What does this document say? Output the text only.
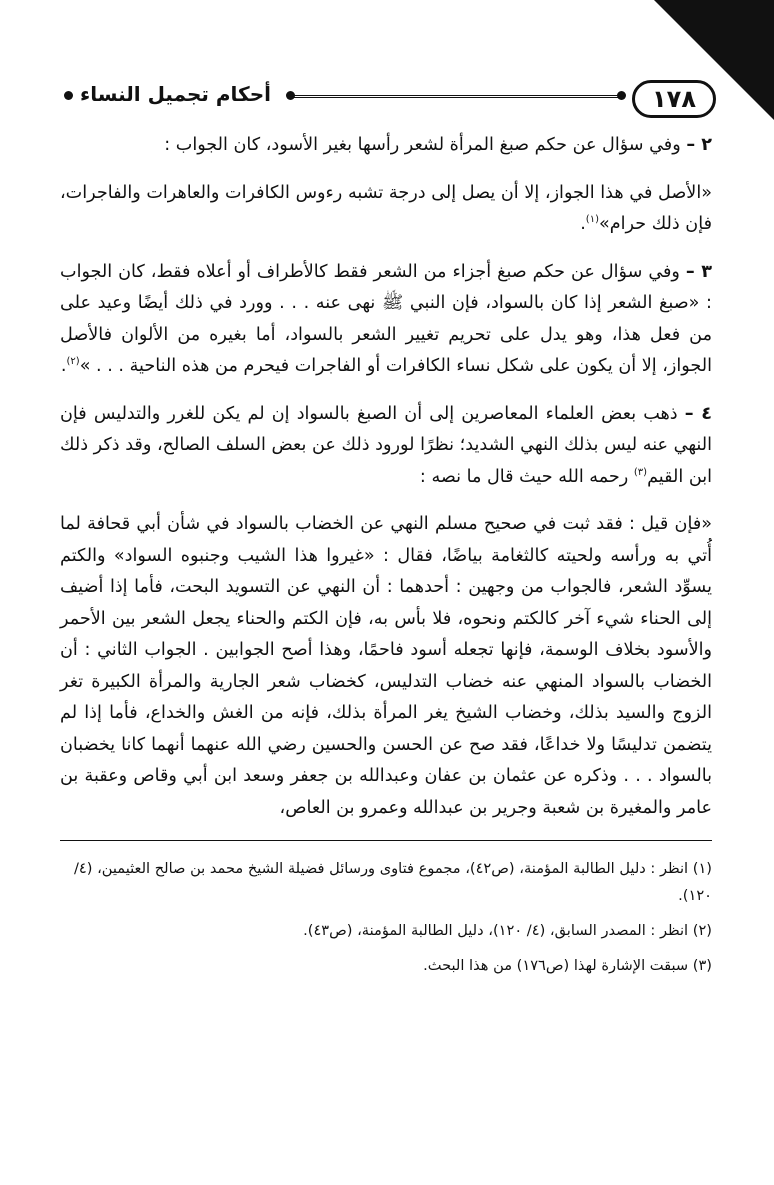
١٧٨
أحكام تجميل النساء

٢ – وفي سؤال عن حكم صبغ المرأة لشعر رأسها بغير الأسود، كان الجواب :

«الأصل في هذا الجواز، إلا أن يصل إلى درجة تشبه رءوس الكافرات والعاهرات والفاجرات، فإن ذلك حرام»$^{(١)}$.

٣ – وفي سؤال عن حكم صبغ أجزاء من الشعر فقط كالأطراف أو أعلاه فقط، كان الجواب : «صبغ الشعر إذا كان بالسواد، فإن النبي ﷺ نهى عنه . . . وورد في ذلك أيضًا وعيد على من فعل هذا، وهو يدل على تحريم تغيير الشعر بالسواد، أما بغيره من الألوان فالأصل الجواز، إلا أن يكون على شكل نساء الكافرات أو الفاجرات فيحرم من هذه الناحية . . . »$^{(٢)}$.

٤ – ذهب بعض العلماء المعاصرين إلى أن الصبغ بالسواد إن لم يكن للغرر والتدليس فإن النهي عنه ليس بذلك النهي الشديد؛ نظرًا لورود ذلك عن بعض السلف الصالح، وقد ذكر ذلك ابن القيم$^{(٣)}$ رحمه الله حيث قال ما نصه :

«فإن قيل : فقد ثبت في صحيح مسلم النهي عن الخضاب بالسواد في شأن أبي قحافة لما أُتي به ورأسه ولحيته كالثغامة بياضًا، فقال : «غيروا هذا الشيب وجنبوه السواد» والكتم يسوِّد الشعر، فالجواب من وجهين : أحدهما : أن النهي عن التسويد البحت، فأما إذا أضيف إلى الحناء شيء آخر كالكتم ونحوه، فلا بأس به، فإن الكتم والحناء يجعل الشعر بين الأحمر والأسود بخلاف الوسمة، فإنها تجعله أسود فاحمًا، وهذا أصح الجوابين . الجواب الثاني : أن الخضاب بالسواد المنهي عنه خضاب التدليس، كخضاب شعر الجارية والمرأة الكبيرة تغر الزوج والسيد بذلك، وخضاب الشيخ يغر المرأة بذلك، فإنه من الغش والخداع، فأما إذا لم يتضمن تدليسًا ولا خداعًا، فقد صح عن الحسن والحسين رضي الله عنهما أنهما كانا يخضبان بالسواد . . . وذكره عن عثمان بن عفان وعبدالله بن جعفر وسعد ابن أبي وقاص وعقبة بن عامر والمغيرة بن شعبة وجرير بن عبدالله وعمرو بن العاص،

(١) انظر : دليل الطالبة المؤمنة، (ص٤٢)، مجموع فتاوى ورسائل فضيلة الشيخ محمد بن صالح العثيمين، (٤/ ١٢٠).
(٢) انظر : المصدر السابق، (٤/ ١٢٠)، دليل الطالبة المؤمنة، (ص٤٣).
(٣) سبقت الإشارة لهذا (ص١٧٦) من هذا البحث.
